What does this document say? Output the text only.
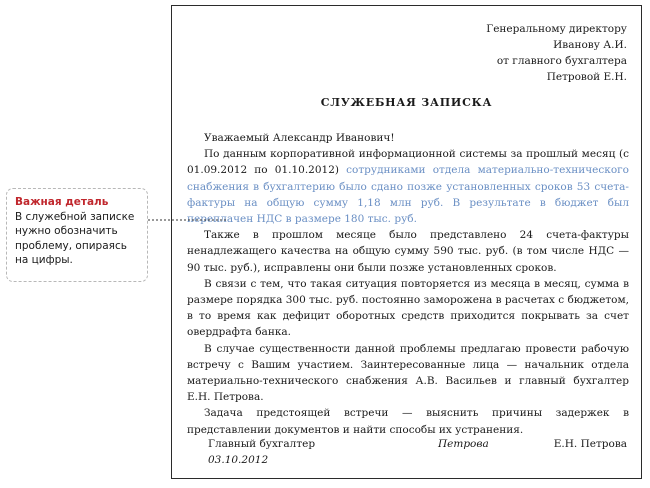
Генеральному директору
Иванову А.И.
от главного бухгалтера
Петровой Е.Н.
СЛУЖЕБНАЯ ЗАПИСКА

Уважаемый Александр Иванович!

По данным корпоративной информационной системы за прошлый месяц (с 01.09.2012 по 01.10.2012) сотрудниками отдела материально-технического снабжения в бухгалтерию было сдано позже установленных сроков 53 счета-фактуры на общую сумму 1,18 млн руб. В результате в бюджет был переплачен НДС в размере 180 тыс. руб.

Также в прошлом месяце было представлено 24 счета-фактуры ненадлежащего качества на общую сумму 590 тыс. руб. (в том числе НДС — 90 тыс. руб.), исправлены они были позже установленных сроков.

В связи с тем, что такая ситуация повторяется из месяца в месяц, сумма в размере порядка 300 тыс. руб. постоянно заморожена в расчетах с бюджетом, в то время как дефицит оборотных средств приходится покрывать за счет овердрафта банка.

В случае существенности данной проблемы предлагаю провести рабочую встречу с Вашим участием. Заинтересованные лица — начальник отдела материально-технического снабжения А.В. Васильев и главный бухгалтер Е.Н. Петрова.

Задача предстоящей встречи — выяснить причины задержек в представлении документов и найти способы их устранения.

Главный бухгалтер	Петрова	Е.Н. Петрова
03.10.2012
Важная деталь
В служебной записке нужно обозначить проблему, опираясь на цифры.
